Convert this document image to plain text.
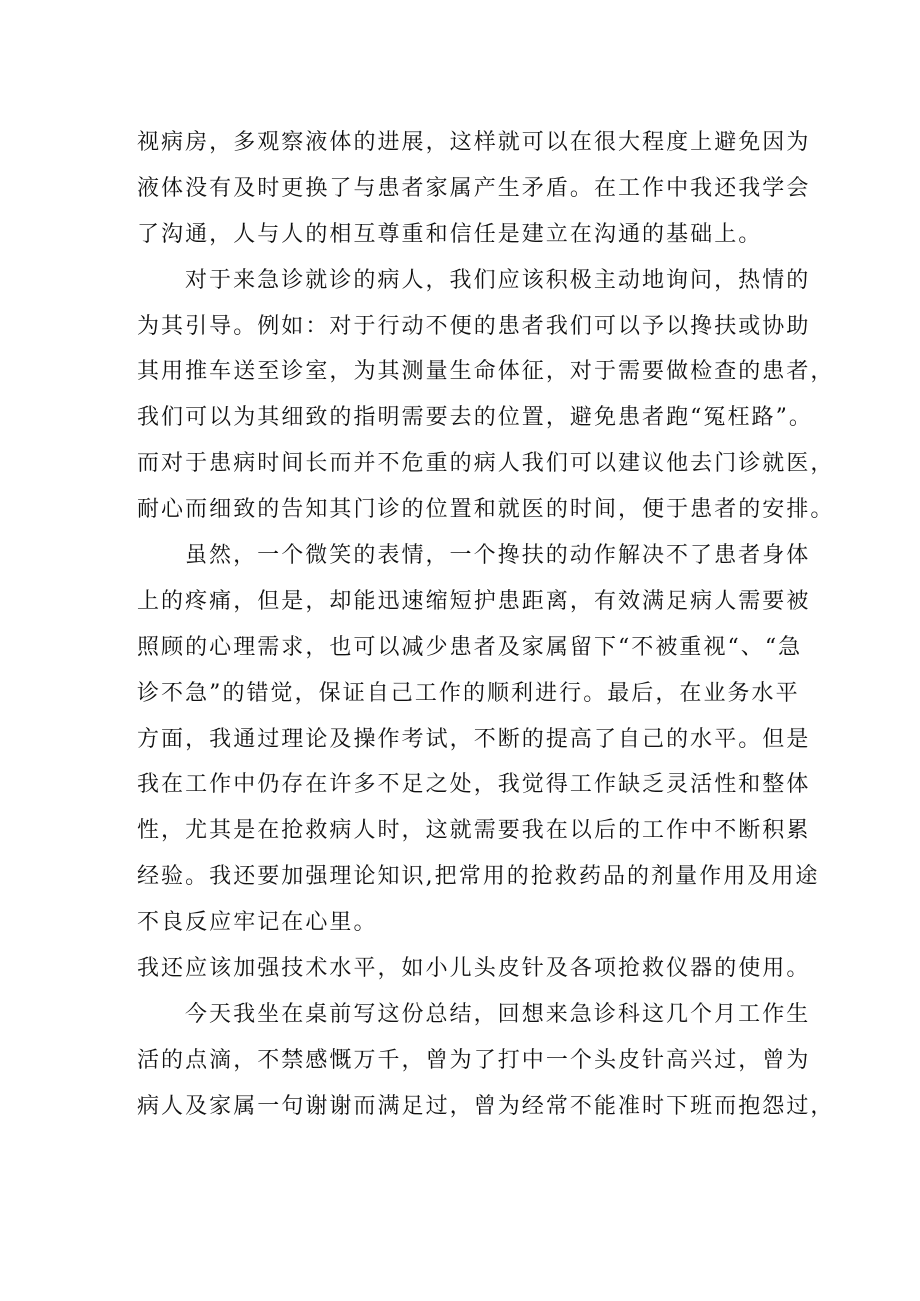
视病房，多观察液体的进展，这样就可以在很大程度上避免因为
液体没有及时更换了与患者家属产生矛盾。在工作中我还我学会
了沟通，人与人的相互尊重和信任是建立在沟通的基础上。
对于来急诊就诊的病人，我们应该积极主动地询问，热情的
为其引导。例如：对于行动不便的患者我们可以予以搀扶或协助
其用推车送至诊室，为其测量生命体征，对于需要做检查的患者，
我们可以为其细致的指明需要去的位置，避免患者跑“冤枉路”。
而对于患病时间长而并不危重的病人我们可以建议他去门诊就医，
耐心而细致的告知其门诊的位置和就医的时间，便于患者的安排。
虽然，一个微笑的表情，一个搀扶的动作解决不了患者身体
上的疼痛，但是，却能迅速缩短护患距离，有效满足病人需要被
照顾的心理需求，也可以减少患者及家属留下“不被重视“、“急
诊不急”的错觉，保证自己工作的顺利进行。最后，在业务水平
方面，我通过理论及操作考试，不断的提高了自己的水平。但是
我在工作中仍存在许多不足之处，我觉得工作缺乏灵活性和整体
性，尤其是在抢救病人时，这就需要我在以后的工作中不断积累
经验。我还要加强理论知识,把常用的抢救药品的剂量作用及用途
不良反应牢记在心里。
我还应该加强技术水平，如小儿头皮针及各项抢救仪器的使用。
今天我坐在桌前写这份总结，回想来急诊科这几个月工作生
活的点滴，不禁感慨万千，曾为了打中一个头皮针高兴过，曾为
病人及家属一句谢谢而满足过，曾为经常不能准时下班而抱怨过，
